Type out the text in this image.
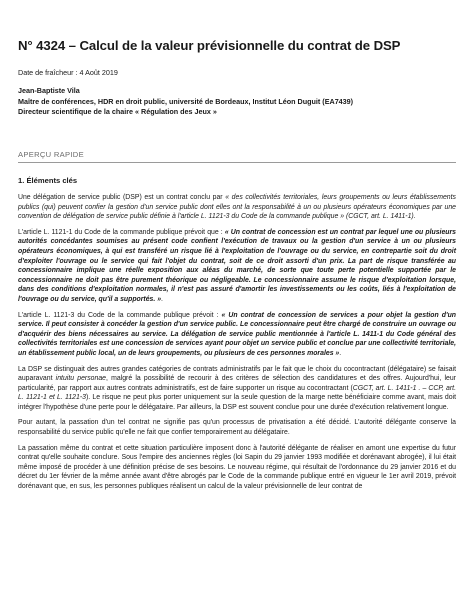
N° 4324 – Calcul de la valeur prévisionnelle du contrat de DSP
Date de fraîcheur : 4 Août 2019
Jean-Baptiste Vila
Maître de conférences, HDR en droit public, université de Bordeaux, Institut Léon Duguit (EA7439)
Directeur scientifique de la chaire « Régulation des Jeux »
APERÇU RAPIDE
1. Éléments clés

Une délégation de service public (DSP) est un contrat conclu par « des collectivités territoriales, leurs groupements ou leurs établissements publics (qui) peuvent confier la gestion d'un service public dont elles ont la responsabilité à un ou plusieurs opérateurs économiques par une convention de délégation de service public définie à l'article L. 1121-3 du Code de la commande publique » (CGCT, art. L. 1411-1).

L'article L. 1121-1 du Code de la commande publique prévoit que : « Un contrat de concession est un contrat par lequel une ou plusieurs autorités concédantes soumises au présent code confient l'exécution de travaux ou la gestion d'un service à un ou plusieurs opérateurs économiques, à qui est transféré un risque lié à l'exploitation de l'ouvrage ou du service, en contrepartie soit du droit d'exploiter l'ouvrage ou le service qui fait l'objet du contrat, soit de ce droit assorti d'un prix. La part de risque transférée au concessionnaire implique une réelle exposition aux aléas du marché, de sorte que toute perte potentielle supportée par le concessionnaire ne doit pas être purement théorique ou négligeable. Le concessionnaire assume le risque d'exploitation lorsque, dans des conditions d'exploitation normales, il n'est pas assuré d'amortir les investissements ou les coûts, liés à l'exploitation de l'ouvrage ou du service, qu'il a supportés. ».

L'article L. 1121-3 du Code de la commande publique prévoit : « Un contrat de concession de services a pour objet la gestion d'un service. Il peut consister à concéder la gestion d'un service public. Le concessionnaire peut être chargé de construire un ouvrage ou d'acquérir des biens nécessaires au service. La délégation de service public mentionnée à l'article L. 1411-1 du Code général des collectivités territoriales est une concession de services ayant pour objet un service public et conclue par une collectivité territoriale, un établissement public local, un de leurs groupements, ou plusieurs de ces personnes morales ».

La DSP se distinguait des autres grandes catégories de contrats administratifs par le fait que le choix du cocontractant (délégataire) se faisait auparavant intuitu personae, malgré la possibilité de recourir à des critères de sélection des candidatures et des offres. Aujourd'hui, leur particularité, par rapport aux autres contrats administratifs, est de faire supporter un risque au cocontractant (CGCT, art. L. 1411-1 . – CCP, art. L. 1121-1 et L. 1121-3). Le risque ne peut plus porter uniquement sur la seule question de la marge nette bénéficiaire comme avant, mais doit intégrer l'hypothèse d'une perte pour le délégataire. Par ailleurs, la DSP est souvent conclue pour une durée d'exécution relativement longue.

Pour autant, la passation d'un tel contrat ne signifie pas qu'un processus de privatisation a été décidé. L'autorité délégante conserve la responsabilité du service public qu'elle ne fait que confier temporairement au délégataire.

La passation même du contrat et cette situation particulière imposent donc à l'autorité délégante de réaliser en amont une expertise du futur contrat qu'elle souhaite conclure. Sous l'empire des anciennes règles (loi Sapin du 29 janvier 1993 modifiée et dorénavant abrogée), il lui était même imposé de procéder à une définition précise de ses besoins. Le nouveau régime, qui résultait de l'ordonnance du 29 janvier 2016 et du décret du 1er février de la même année avant d'être abrogés par le Code de la commande publique entré en vigueur le 1er avril 2019, prévoit dorénavant que, en sus, les personnes publiques réalisent un calcul de la valeur prévisionnelle de leur contrat de
